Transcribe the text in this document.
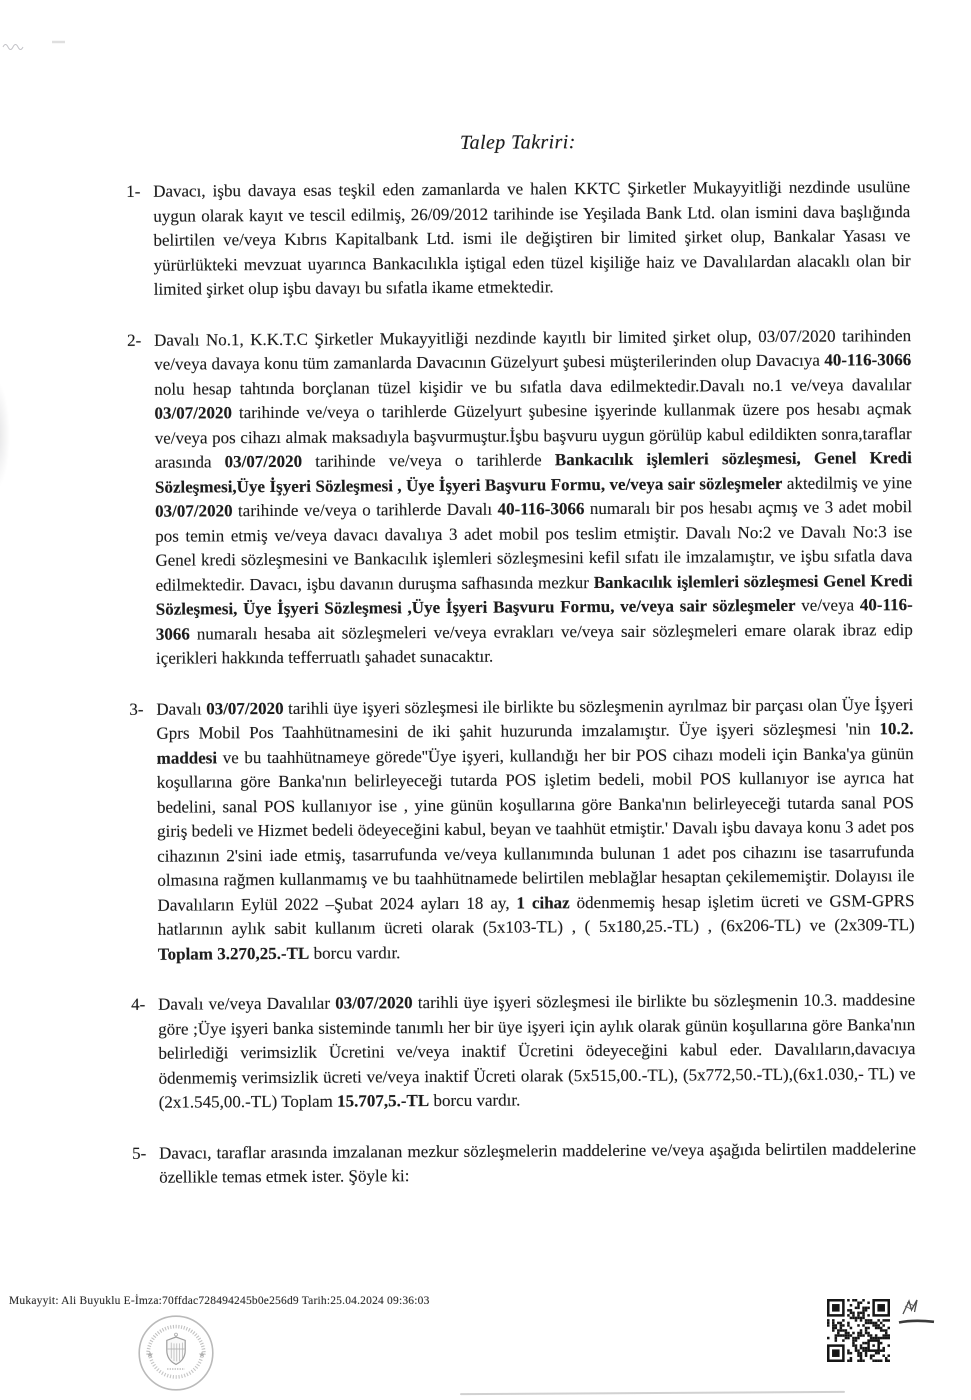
Talep Takriri:
1- Davacı, işbu davaya esas teşkil eden zamanlarda ve halen KKTC Şirketler Mukayyitliği nezdinde usulüne uygun olarak kayıt ve tescil edilmiş, 26/09/2012 tarihinde ise Yeşilada Bank Ltd. olan ismini dava başlığında belirtilen ve/veya Kıbrıs Kapitalbank Ltd. ismi ile değiştiren bir limited şirket olup, Bankalar Yasası ve yürürlükteki mevzuat uyarınca Bankacılıkla iştigal eden tüzel kişiliğe haiz ve Davalılardan alacaklı olan bir limited şirket olup işbu davayı bu sıfatla ikame etmektedir.
2- Davalı No.1, K.K.T.C Şirketler Mukayyitliği nezdinde kayıtlı bir limited şirket olup, 03/07/2020 tarihinden ve/veya davaya konu tüm zamanlarda Davacının Güzelyurt şubesi müşterilerinden olup Davacıya 40-116-3066 nolu hesap tahtında borçlanan tüzel kişidir ve bu sıfatla dava edilmektedir.Davalı no.1 ve/veya davalılar 03/07/2020 tarihinde ve/veya o tarihlerde Güzelyurt şubesine işyerinde kullanmak üzere pos hesabı açmak ve/veya pos cihazı almak maksadıyla başvurmuştur.İşbu başvuru uygun görülüp kabul edildikten sonra,taraflar arasında 03/07/2020 tarihinde ve/veya o tarihlerde Bankacılık işlemleri sözleşmesi, Genel Kredi Sözleşmesi,Üye İşyeri Sözleşmesi , Üye İşyeri Başvuru Formu, ve/veya sair sözleşmeler aktedilmiş ve yine 03/07/2020 tarihinde ve/veya o tarihlerde Davalı 40-116-3066 numaralı bir pos hesabı açmış ve 3 adet mobil pos temin etmiş ve/veya davacı davalıya 3 adet mobil pos teslim etmiştir. Davalı No:2 ve Davalı No:3 ise Genel kredi sözleşmesini ve Bankacılık işlemleri sözleşmesini kefil sıfatı ile imzalamıştır, ve işbu sıfatla dava edilmektedir. Davacı, işbu davanın duruşma safhasında mezkur Bankacılık işlemleri sözleşmesi Genel Kredi Sözleşmesi, Üye İşyeri Sözleşmesi ,Üye İşyeri Başvuru Formu, ve/veya sair sözleşmeler ve/veya 40-116-3066 numaralı hesaba ait sözleşmeleri ve/veya evrakları ve/veya sair sözleşmeleri emare olarak ibraz edip içerikleri hakkında tefferruatlı şahadet sunacaktır.
3- Davalı 03/07/2020 tarihli üye işyeri sözleşmesi ile birlikte bu sözleşmenin ayrılmaz bir parçası olan Üye İşyeri Gprs Mobil Pos Taahhütnamesini de iki şahit huzurunda imzalamıştır. Üye işyeri sözleşmesi 'nin 10.2. maddesi ve bu taahhütnameye görede''Üye işyeri, kullandığı her bir POS cihazı modeli için Banka'ya günün koşullarına göre Banka'nın belirleyeceği tutarda POS işletim bedeli, mobil POS kullanıyor ise ayrıca hat bedelini, sanal POS kullanıyor ise , yine günün koşullarına göre Banka'nın belirleyeceği tutarda sanal POS giriş bedeli ve Hizmet bedeli ödeyeceğini kabul, beyan ve taahhüt etmiştir.' Davalı işbu davaya konu 3 adet pos cihazının 2'sini iade etmiş, tasarrufunda ve/veya kullanımında bulunan 1 adet pos cihazını ise tasarrufunda olmasına rağmen kullanmamış ve bu taahhütnamede belirtilen meblağlar hesaptan çekilememiştir. Dolayısı ile Davalıların Eylül 2022 –Şubat 2024 ayları 18 ay, 1 cihaz ödenmemiş hesap işletim ücreti ve GSM-GPRS hatlarının aylık sabit kullanım ücreti olarak (5x103-TL) , ( 5x180,25.-TL) , (6x206-TL) ve (2x309-TL) Toplam 3.270,25.-TL borcu vardır.
4- Davalı ve/veya Davalılar 03/07/2020 tarihli üye işyeri sözleşmesi ile birlikte bu sözleşmenin 10.3. maddesine göre ;Üye işyeri banka sisteminde tanımlı her bir üye işyeri için aylık olarak günün koşullarına göre Banka'nın belirlediği verimsizlik Ücretini ve/veya inaktif Ücretini ödeyeceğini kabul eder. Davalıların,davacıya ödenmemiş verimsizlik ücreti ve/veya inaktif Ücreti olarak (5x515,00.-TL), (5x772,50.-TL),(6x1.030,- TL) ve (2x1.545,00.-TL) Toplam 15.707,5.-TL borcu vardır.
5- Davacı, taraflar arasında imzalanan mezkur sözleşmelerin maddelerine ve/veya aşağıda belirtilen maddelerine özellikle temas etmek ister. Şöyle ki:
Mukayyit: Ali Buyuklu E-İmza:70ffdac728494245b0e256d9 Tarih:25.04.2024 09:36:03
